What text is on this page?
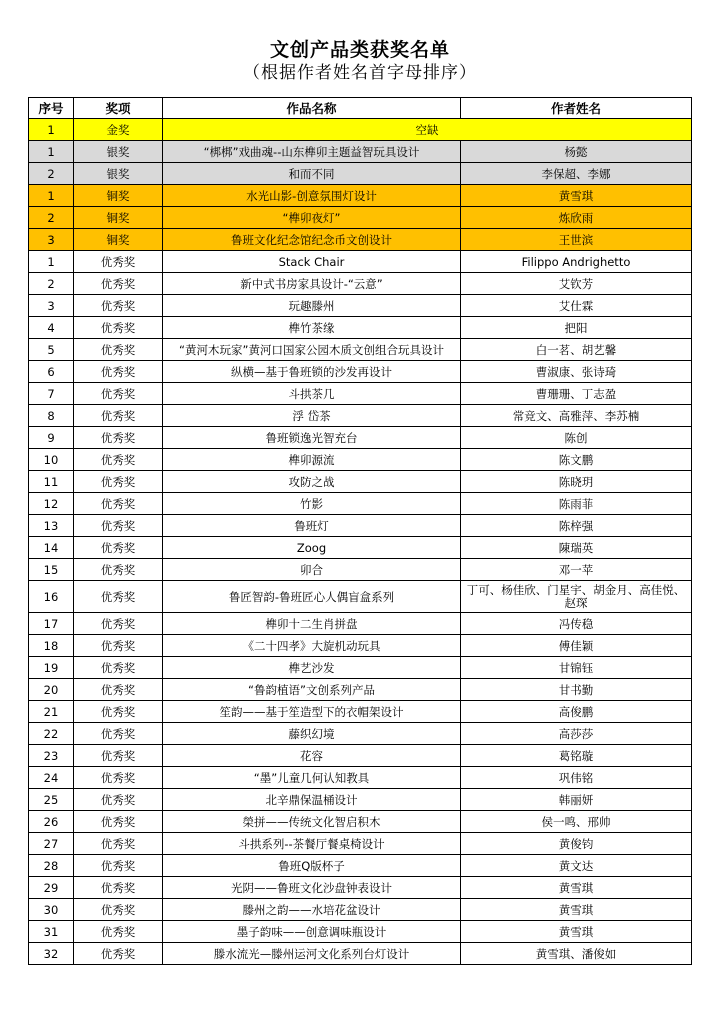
文创产品类获奖名单
（根据作者姓名首字母排序）
序号	奖项	作品名称	作者姓名
1	金奖	空缺	
1	银奖	“梆梆”戏曲魂--山东榫卯主题益智玩具设计	杨懿
2	银奖	和而不同	李保超、李娜
1	铜奖	水光山影-创意氛围灯设计	黄雪琪
2	铜奖	“榫卯夜灯”	炼欣雨
3	铜奖	鲁班文化纪念馆纪念币文创设计	王世滨
1	优秀奖	Stack Chair	Filippo Andrighetto
2	优秀奖	新中式书房家具设计-“云意”	艾钦芳
3	优秀奖	玩趣滕州	艾仕霖
4	优秀奖	榫竹茶缘	把阳
5	优秀奖	“黄河木玩家”黄河口国家公园木质文创组合玩具设计	白一茗、胡艺馨
6	优秀奖	纵横—基于鲁班锁的沙发再设计	曹淑康、张诗琦
7	优秀奖	斗拱茶几	曹珊珊、丁志盈
8	优秀奖	浮 岱茶	常竞文、高雅萍、李苏楠
9	优秀奖	鲁班锁逸光智充台	陈创
10	优秀奖	榫卯源流	陈文鹏
11	优秀奖	攻防之战	陈晓玥
12	优秀奖	竹影	陈雨菲
13	优秀奖	鲁班灯	陈梓强
14	优秀奖	Zoog	陳瑞英
15	优秀奖	卯合	邓一苹
16	优秀奖	鲁匠智韵-鲁班匠心人偶盲盒系列	丁可、杨佳欣、门星宇、胡金月、高佳悦、赵琛
17	优秀奖	榫卯十二生肖拼盘	冯传稳
18	优秀奖	《二十四孝》大旋机动玩具	傅佳颖
19	优秀奖	榫艺沙发	甘锦钰
20	优秀奖	“鲁韵植语”文创系列产品	甘书勤
21	优秀奖	笙韵——基于笙造型下的衣帽架设计	高俊鹏
22	优秀奖	藤织幻境	高莎莎
23	优秀奖	花容	葛铭璇
24	优秀奖	“墨”儿童几何认知教具	巩伟铭
25	优秀奖	北辛鼎保温桶设计	韩丽妍
26	优秀奖	榮拼——传统文化智启积木	侯一鸣、邢帅
27	优秀奖	斗拱系列--茶餐厅餐桌椅设计	黄俊钧
28	优秀奖	鲁班Q版杯子	黄文达
29	优秀奖	光阴——鲁班文化沙盘钟表设计	黄雪琪
30	优秀奖	滕州之韵——水培花盆设计	黄雪琪
31	优秀奖	墨子韵味——创意调味瓶设计	黄雪琪
32	优秀奖	滕水流光—滕州运河文化系列台灯设计	黄雪琪、潘俊如
